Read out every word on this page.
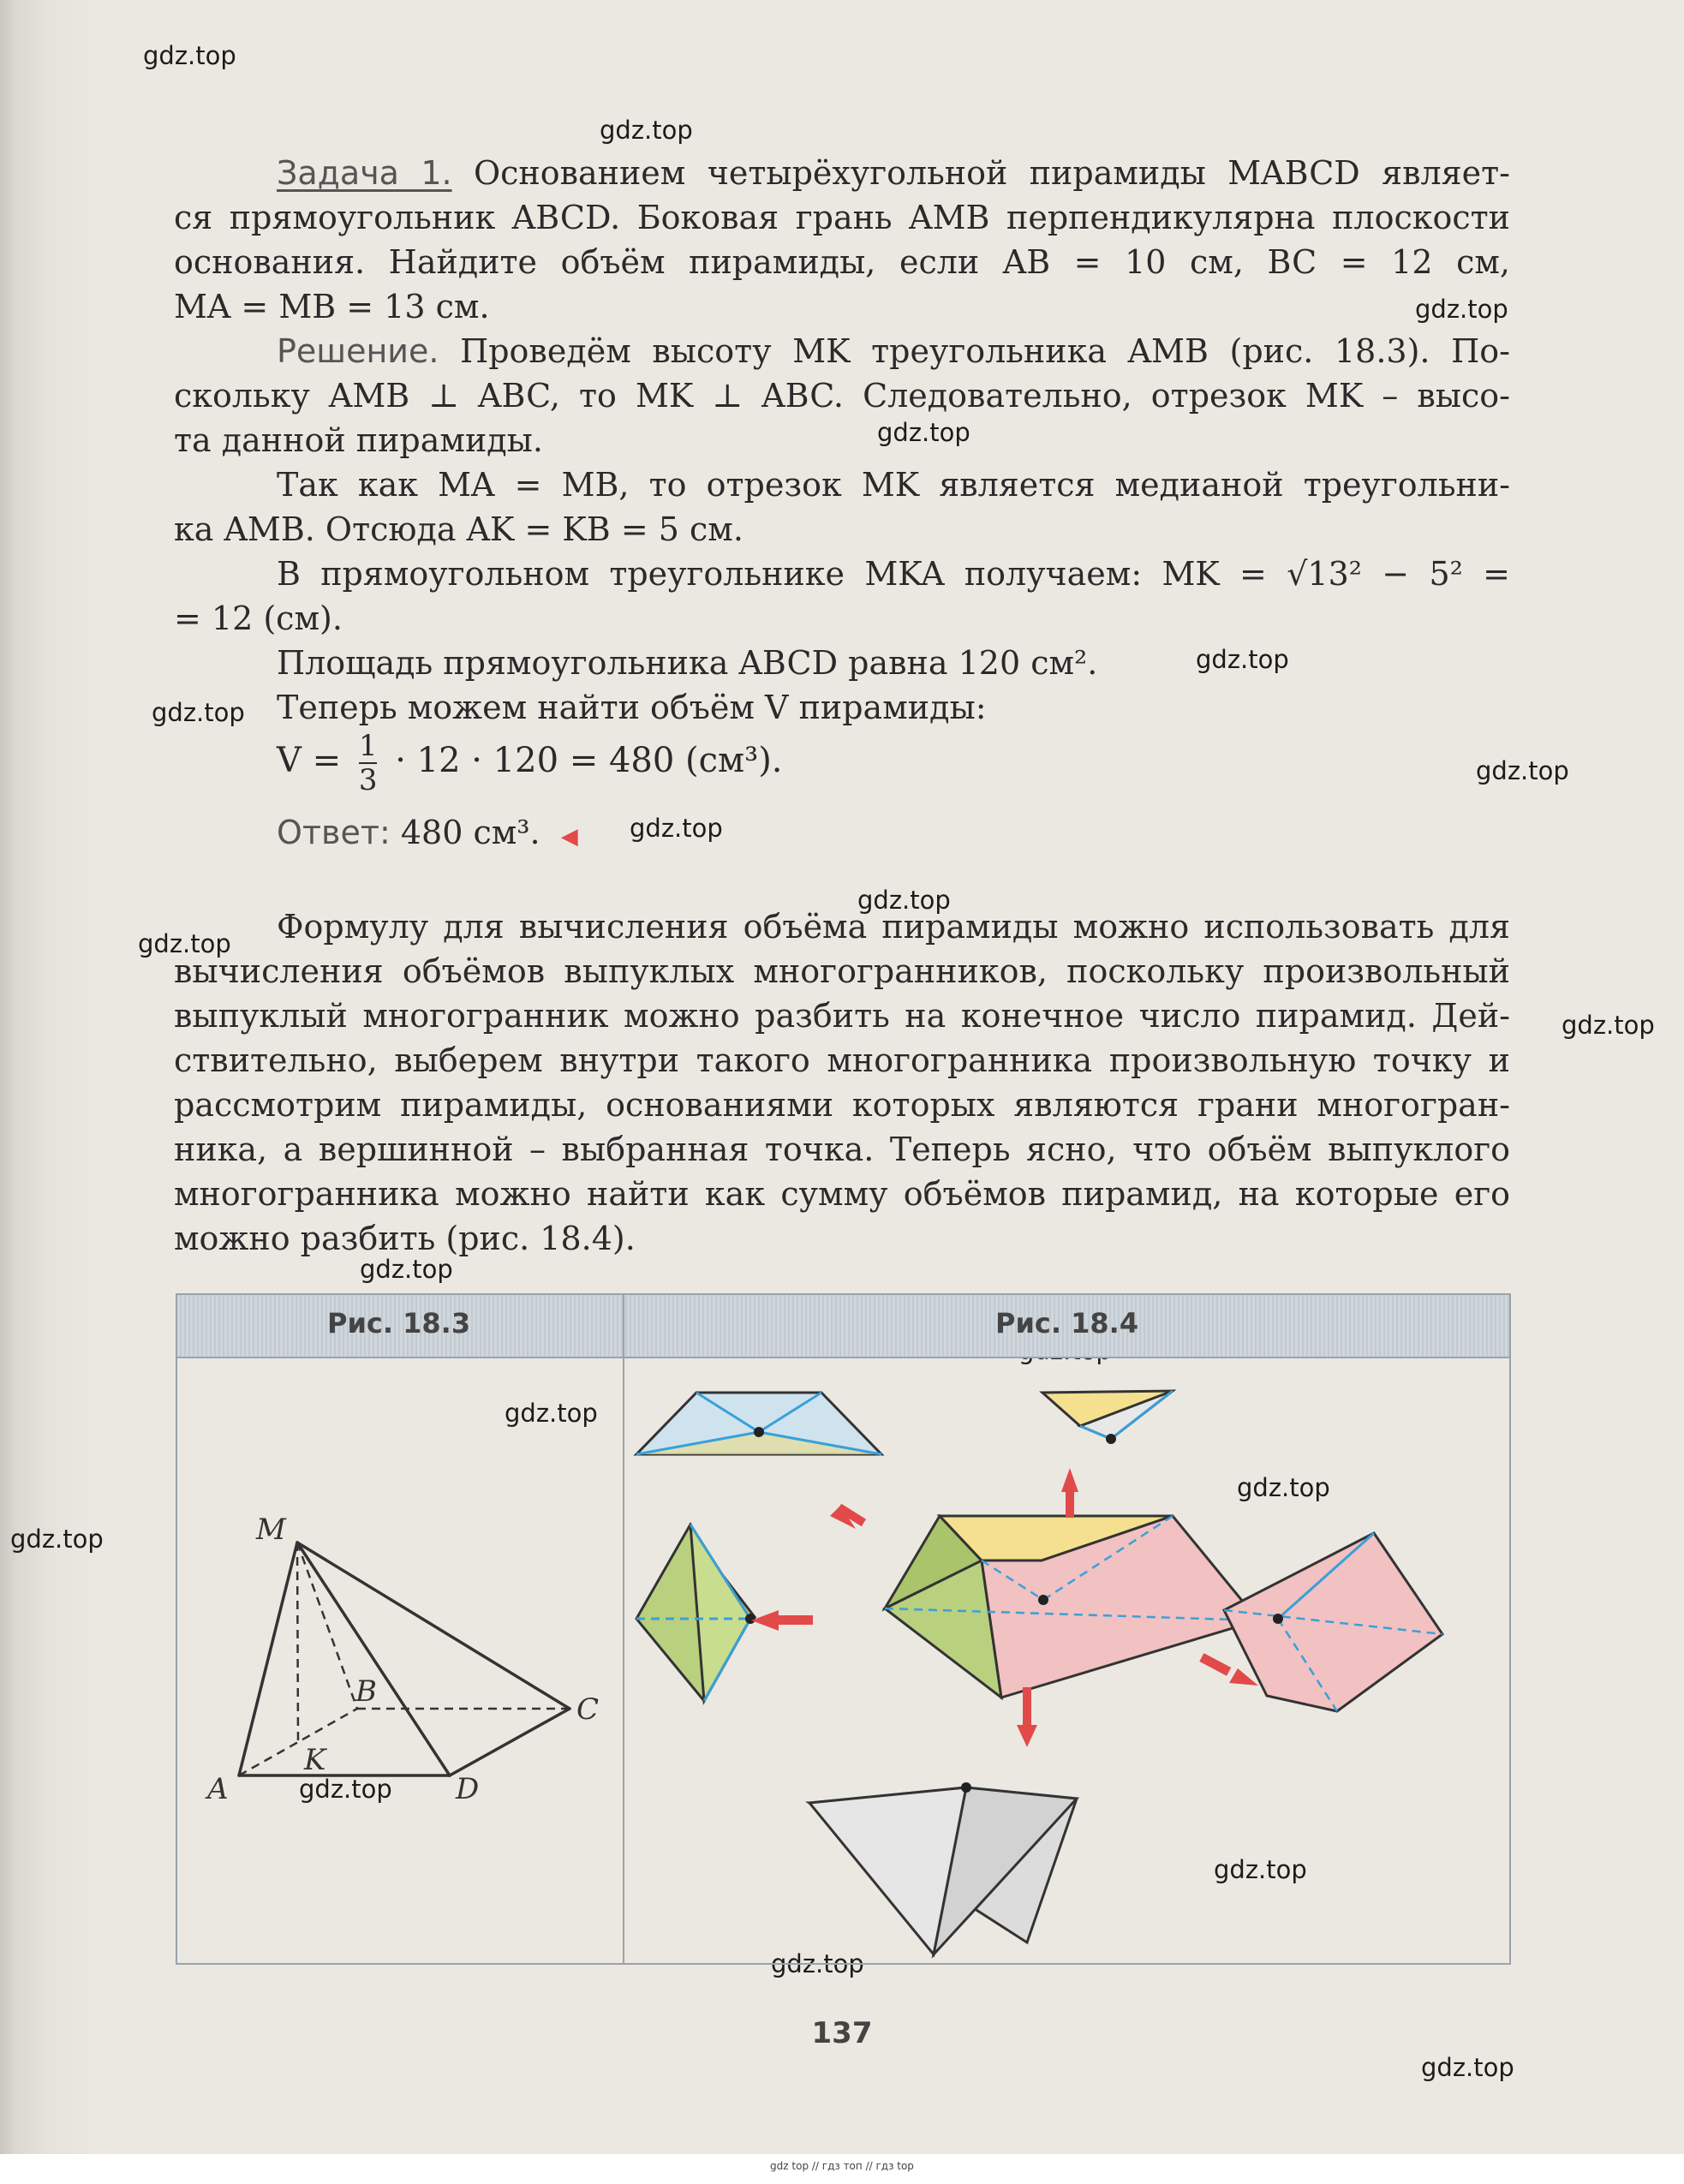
gdz.top
gdz.top
gdz.top
gdz.top
gdz.top
gdz.top
gdz.top
gdz.top
gdz.top
gdz.top
gdz.top
gdz.top
gdz.top
gdz.top
gdz.top
gdz.top
gdz.top
gdz.top
gdz.top
Задача 1. Основанием четырёхугольной пирамиды MABCD являет-
ся прямоугольник ABCD. Боковая грань AMB перпендикулярна плоскости
основания. Найдите объём пирамиды, если AB = 10 см, BC = 12 см,
MA = MB = 13 см.
Решение. Проведём высоту MK треугольника AMB (рис. 18.3). По-
скольку AMB ⊥ ABC, то MK ⊥ ABC. Следовательно, отрезок MK – высо-
та данной пирамиды.
Так как MA = MB, то отрезок MK является медианой треугольни-
ка AMB. Отсюда AK = KB = 5 см.
В прямоугольном треугольнике MKA получаем: MK = √13² − 5² =
= 12 (см).
Площадь прямоугольника ABCD равна 120 см².
Теперь можем найти объём V пирамиды:
$V = \frac{1}{3} \cdot 12 \cdot 120 = 480$ (см³).
Ответ: 480 см³. ◀
Формулу для вычисления объёма пирамиды можно использовать для
вычисления объёмов выпуклых многогранников, поскольку произвольный
выпуклый многогранник можно разбить на конечное число пирамид. Дей-
ствительно, выберем внутри такого многогранника произвольную точку и
рассмотрим пирамиды, основаниями которых являются грани многогран-
ника, а вершинной – выбранная точка. Теперь ясно, что объём выпуклого
многогранника можно найти как сумму объёмов пирамид, на которые его
можно разбить (рис. 18.4).
Рис. 18.3	Рис. 18.4
M
B
C
K
A	D
137
gdz top // гдз топ // гдз top
